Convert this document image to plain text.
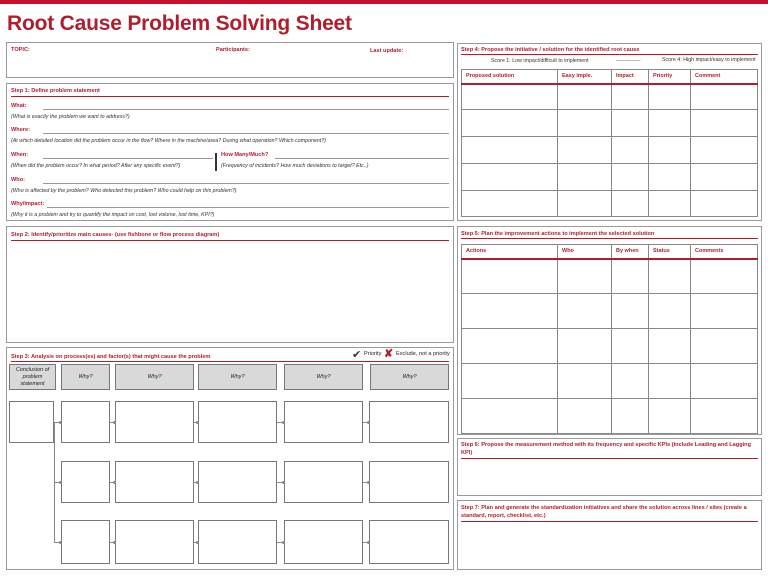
Root Cause Problem Solving Sheet
TOPIC:	Participants:	Last update:
Step 1: Define problem statement
What:
(What is exactly the problem we want to address?)
Where:
(At which detailed location did the problem occur in the flow? Where in the machine/area? During what operation? Which component?)
When:
(When did the problem occur? In what period? After any specific event?)
How Many/Much?
(Frequency of incidents? How much deviations to target? Etc..)
Who:
(Who is affected by the problem? Who detected this problem? Who could help on this problem?)
Why/Impact:
(Why it is a problem and try to quantify the impact on cost, lost volume, lost time, KPI?)
Step 2: Identify/prioritize main causes- (use fishbone or flow process diagram)
Step 3: Analysis on process(es) and factor(s) that might cause the problem	✔ Priority ✘ Exclude, not a priority
Conclusion of problem statement
Why?	Why?	Why?	Why?	Why?
Step 4: Propose the initiative / solution for the identified root cause
Score 1: Low impact/difficult to implement	--------------	Score 4: High impact/easy to implement
Proposed solution	Easy imple.	Impact	Priority	Comment

Step 5: Plan the improvement actions to implement the selected solution
Actions	Who	By when	Status	Comments

Step 6: Propose the measurement method with its frequency and specific KPIs (include Leading and Lagging KPI)
Step 7: Plan and generate the standardization initiatives and share the solution across lines / sites (create a standard, report, checklist, etc.)
